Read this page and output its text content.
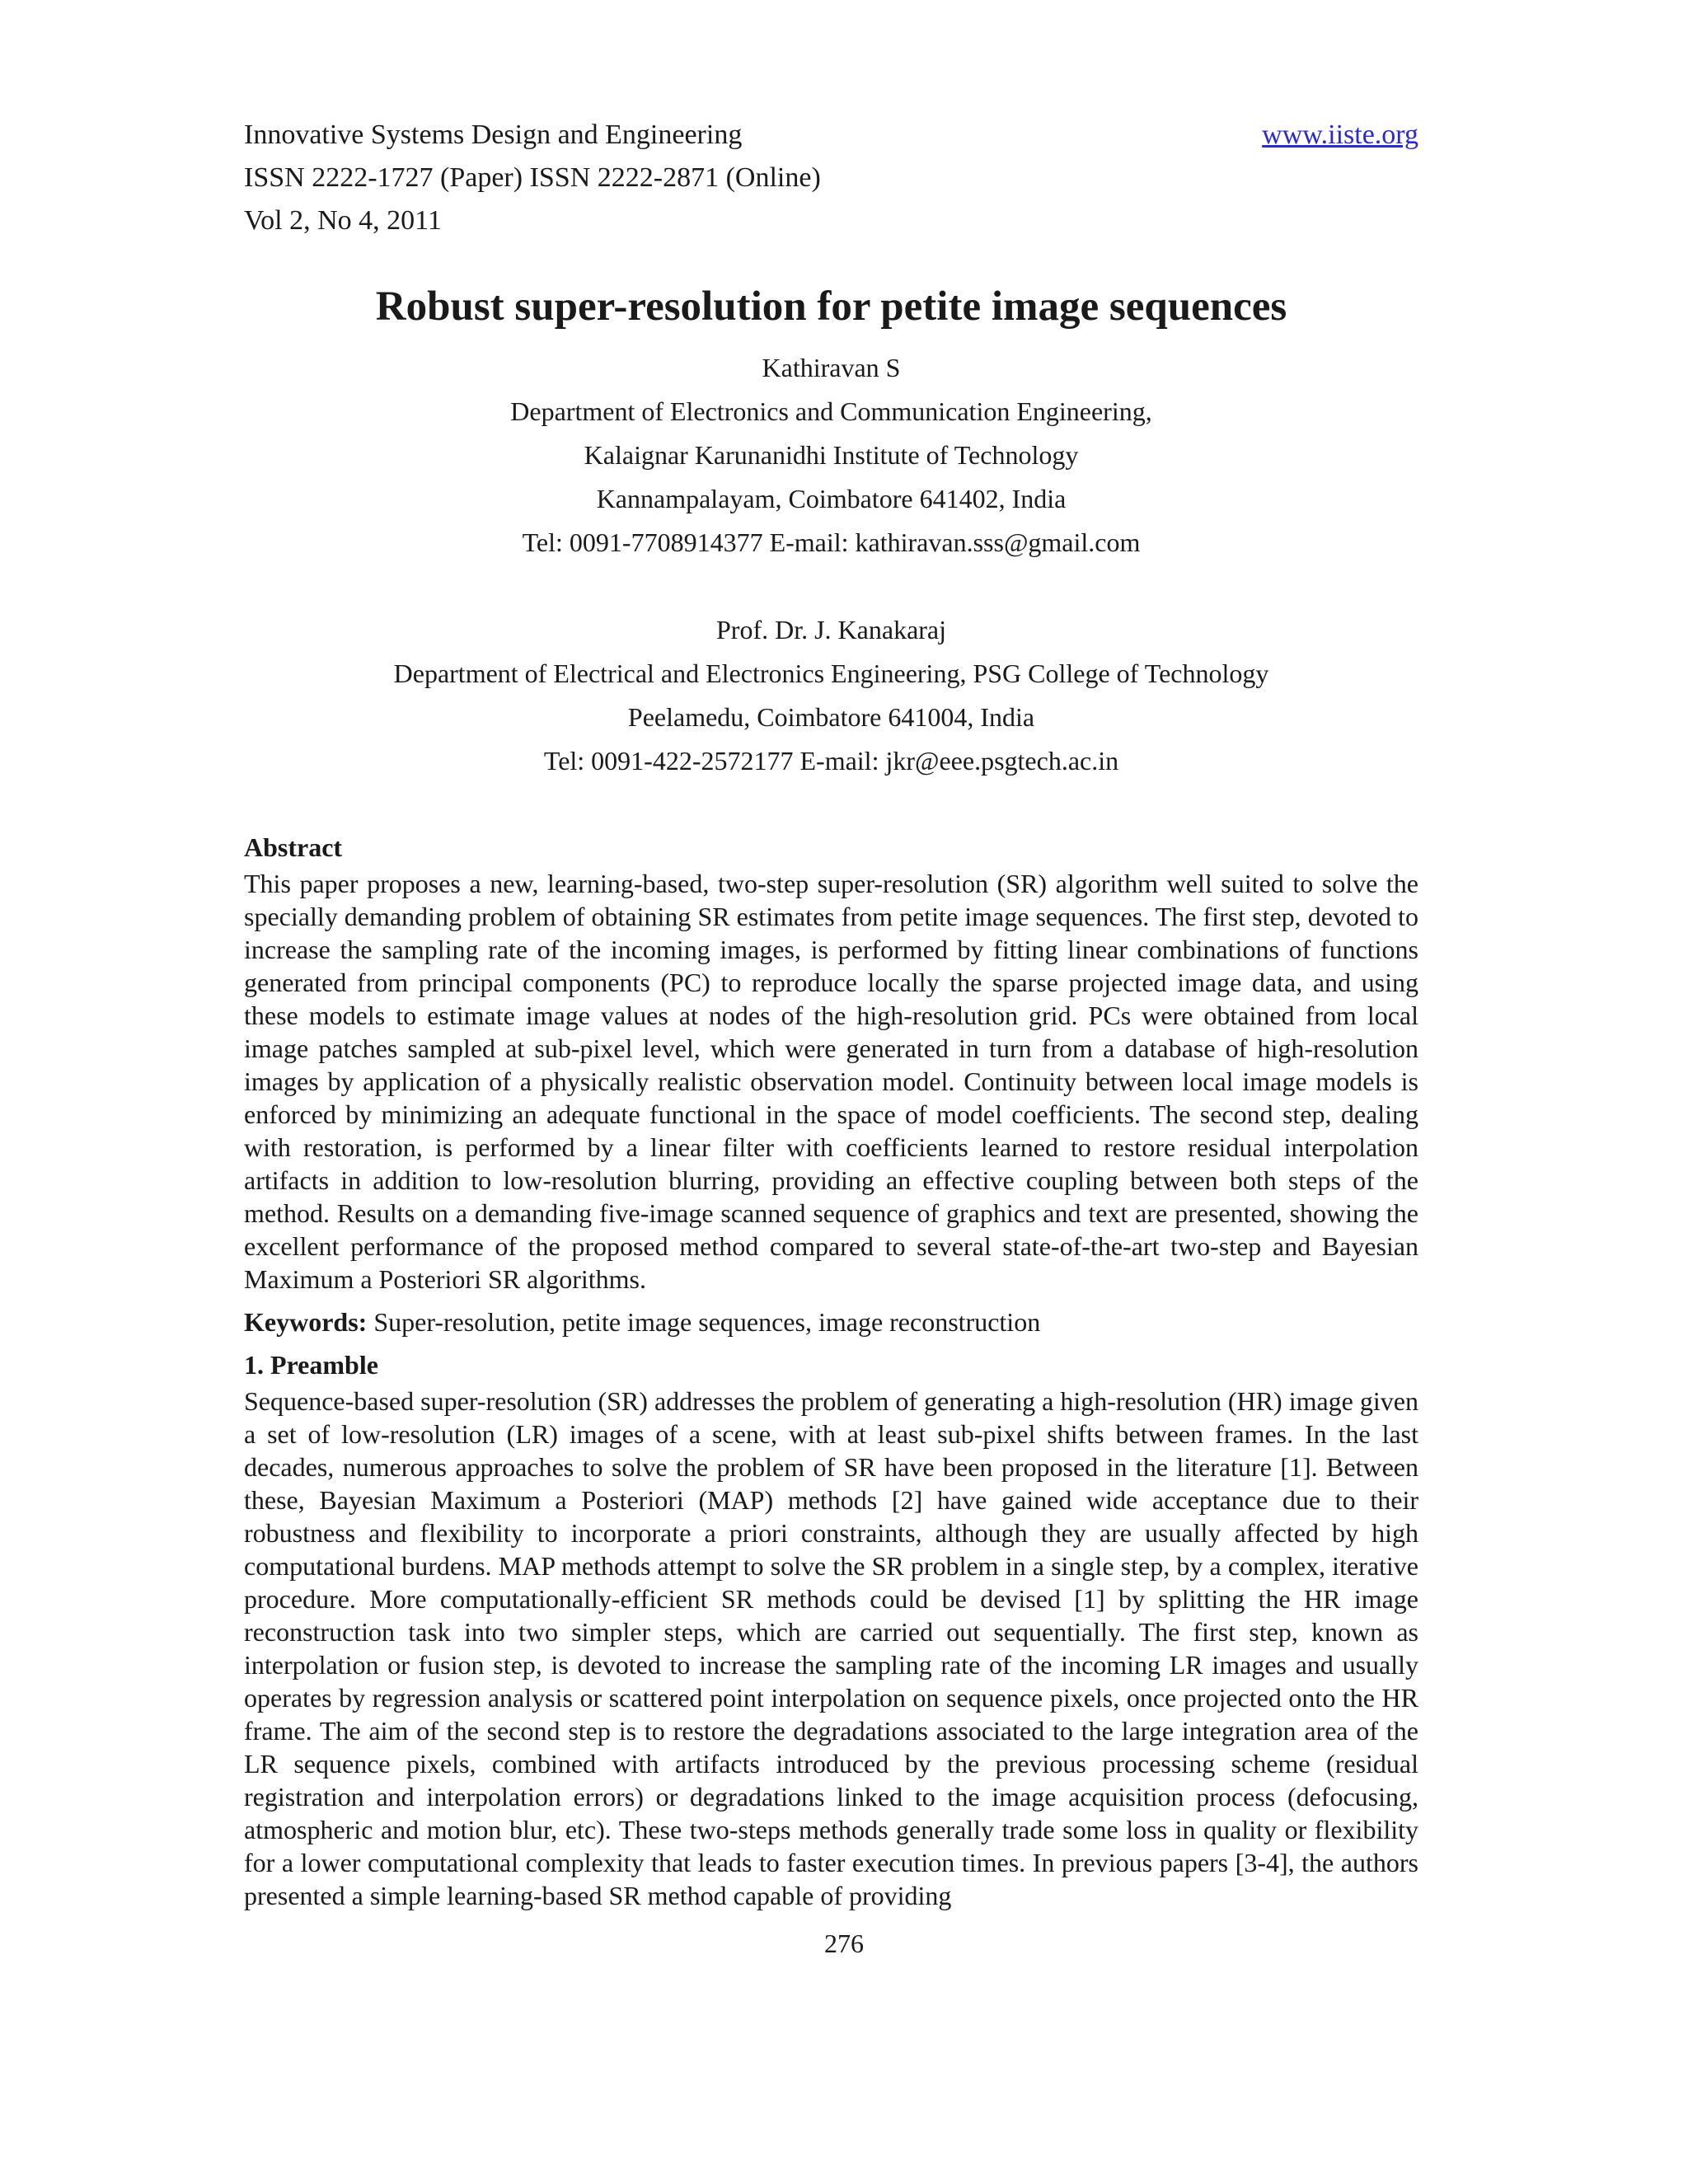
Innovative Systems Design and Engineering	www.iiste.org
ISSN 2222-1727 (Paper) ISSN 2222-2871 (Online)
Vol 2, No 4, 2011
Robust super-resolution for petite image sequences
Kathiravan S
Department of Electronics and Communication Engineering,
Kalaignar Karunanidhi Institute of Technology
Kannampalayam, Coimbatore 641402, India
Tel: 0091-7708914377 E-mail: kathiravan.sss@gmail.com
Prof. Dr. J. Kanakaraj
Department of Electrical and Electronics Engineering, PSG College of Technology
Peelamedu, Coimbatore 641004, India
Tel: 0091-422-2572177 E-mail: jkr@eee.psgtech.ac.in
Abstract

This paper proposes a new, learning-based, two-step super-resolution (SR) algorithm well suited to solve the specially demanding problem of obtaining SR estimates from petite image sequences. The first step, devoted to increase the sampling rate of the incoming images, is performed by fitting linear combinations of functions generated from principal components (PC) to reproduce locally the sparse projected image data, and using these models to estimate image values at nodes of the high-resolution grid. PCs were obtained from local image patches sampled at sub-pixel level, which were generated in turn from a database of high-resolution images by application of a physically realistic observation model. Continuity between local image models is enforced by minimizing an adequate functional in the space of model coefficients. The second step, dealing with restoration, is performed by a linear filter with coefficients learned to restore residual interpolation artifacts in addition to low-resolution blurring, providing an effective coupling between both steps of the method. Results on a demanding five-image scanned sequence of graphics and text are presented, showing the excellent performance of the proposed method compared to several state-of-the-art two-step and Bayesian Maximum a Posteriori SR algorithms.

Keywords: Super-resolution, petite image sequences, image reconstruction
1. Preamble

Sequence-based super-resolution (SR) addresses the problem of generating a high-resolution (HR) image given a set of low-resolution (LR) images of a scene, with at least sub-pixel shifts between frames. In the last decades, numerous approaches to solve the problem of SR have been proposed in the literature [1]. Between these, Bayesian Maximum a Posteriori (MAP) methods [2] have gained wide acceptance due to their robustness and flexibility to incorporate a priori constraints, although they are usually affected by high computational burdens. MAP methods attempt to solve the SR problem in a single step, by a complex, iterative procedure. More computationally-efficient SR methods could be devised [1] by splitting the HR image reconstruction task into two simpler steps, which are carried out sequentially. The first step, known as interpolation or fusion step, is devoted to increase the sampling rate of the incoming LR images and usually operates by regression analysis or scattered point interpolation on sequence pixels, once projected onto the HR frame. The aim of the second step is to restore the degradations associated to the large integration area of the LR sequence pixels, combined with artifacts introduced by the previous processing scheme (residual registration and interpolation errors) or degradations linked to the image acquisition process (defocusing, atmospheric and motion blur, etc). These two-steps methods generally trade some loss in quality or flexibility for a lower computational complexity that leads to faster execution times. In previous papers [3-4], the authors presented a simple learning-based SR method capable of providing

276
